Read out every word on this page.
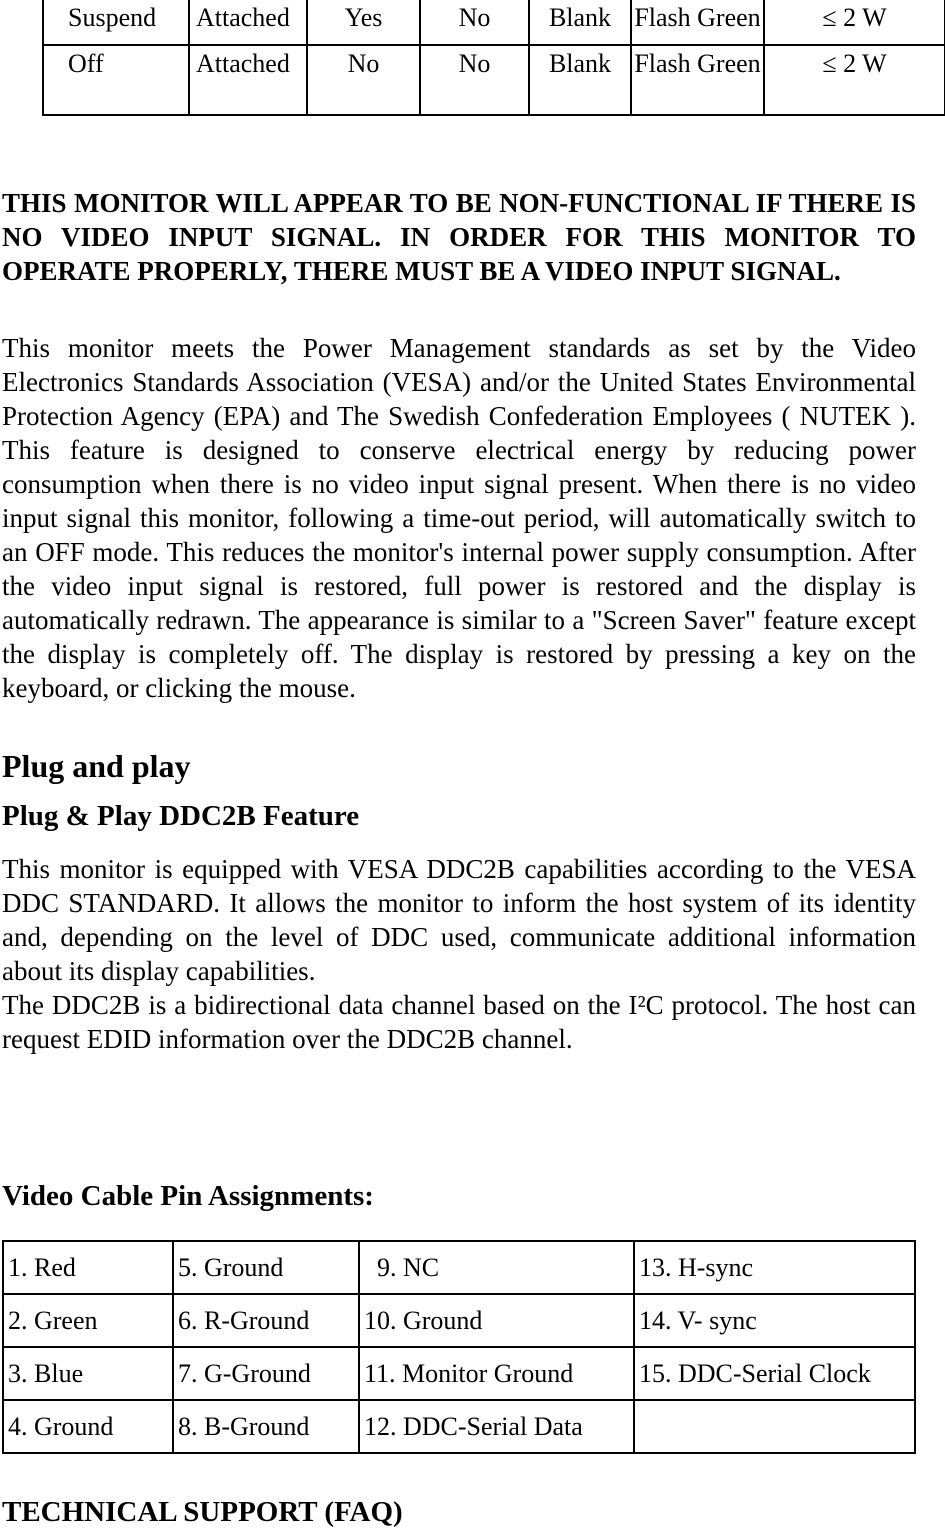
Suspend	Attached	Yes	No	Blank	Flash Green	≤ 2 W
Off	Attached	No	No	Blank	Flash Green	≤ 2 W

THIS MONITOR WILL APPEAR TO BE NON-FUNCTIONAL IF THERE IS NO VIDEO INPUT SIGNAL. IN ORDER FOR THIS MONITOR TO OPERATE PROPERLY, THERE MUST BE A VIDEO INPUT SIGNAL.

This monitor meets the Power Management standards as set by the Video Electronics Standards Association (VESA) and/or the United States Environmental Protection Agency (EPA) and The Swedish Confederation Employees ( NUTEK ). This feature is designed to conserve electrical energy by reducing power consumption when there is no video input signal present. When there is no video input signal this monitor, following a time-out period, will automatically switch to an OFF mode. This reduces the monitor's internal power supply consumption. After the video input signal is restored, full power is restored and the display is automatically redrawn. The appearance is similar to a "Screen Saver" feature except the display is completely off. The display is restored by pressing a key on the keyboard, or clicking the mouse.

Plug and play
Plug & Play DDC2B Feature

This monitor is equipped with VESA DDC2B capabilities according to the VESA DDC STANDARD. It allows the monitor to inform the host system of its identity and, depending on the level of DDC used, communicate additional information about its display capabilities.

The DDC2B is a bidirectional data channel based on the I²C protocol. The host can request EDID information over the DDC2B channel.

Video Cable Pin Assignments:
1. Red	5. Ground	9. NC	13. H-sync
2. Green	6. R-Ground	10. Ground	14. V- sync
3. Blue	7. G-Ground	11. Monitor Ground	15. DDC-Serial Clock
4. Ground	8. B-Ground	12. DDC-Serial Data	
TECHNICAL SUPPORT (FAQ)
